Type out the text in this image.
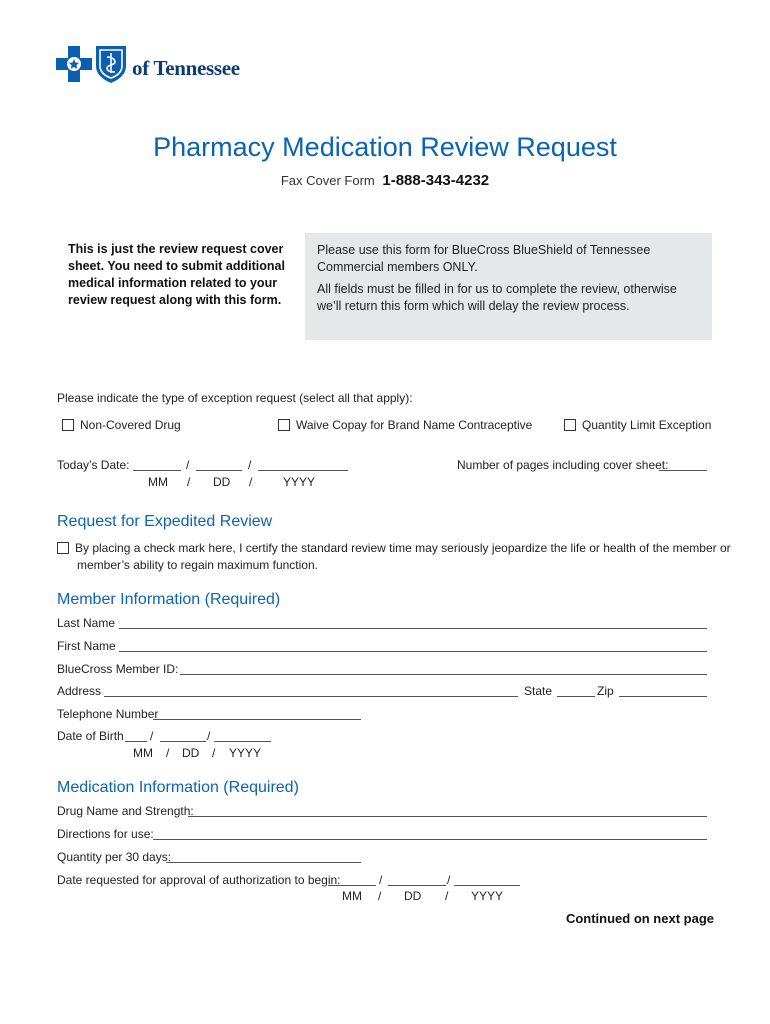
of Tennessee
Pharmacy Medication Review Request
Fax Cover Form 1-888-343-4232
This is just the review request cover sheet. You need to submit additional medical information related to your review request along with this form.

Please use this form for BlueCross BlueShield of Tennessee Commercial members ONLY.

All fields must be filled in for us to complete the review, otherwise we’ll return this form which will delay the review process.

Please indicate the type of exception request (select all that apply):
Non-Covered Drug	Waive Copay for Brand Name Contraceptive	Quantity Limit Exception
Today’s Date:	/	/
MM / DD /	YYYY
Number of pages including cover sheet:
Request for Expedited Review
By placing a check mark here, I certify the standard review time may seriously jeopardize the life or health of the member or
member’s ability to regain maximum function.
Member Information (Required)
Last Name
First Name
BlueCross Member ID:
Address	State	Zip
Telephone Number
Date of Birth /	/
MM / DD / YYYY
Medication Information (Required)
Drug Name and Strength:
Directions for use:
Quantity per 30 days:
Date requested for approval of authorization to begin:	/	/
MM / DD / YYYY
Continued on next page
